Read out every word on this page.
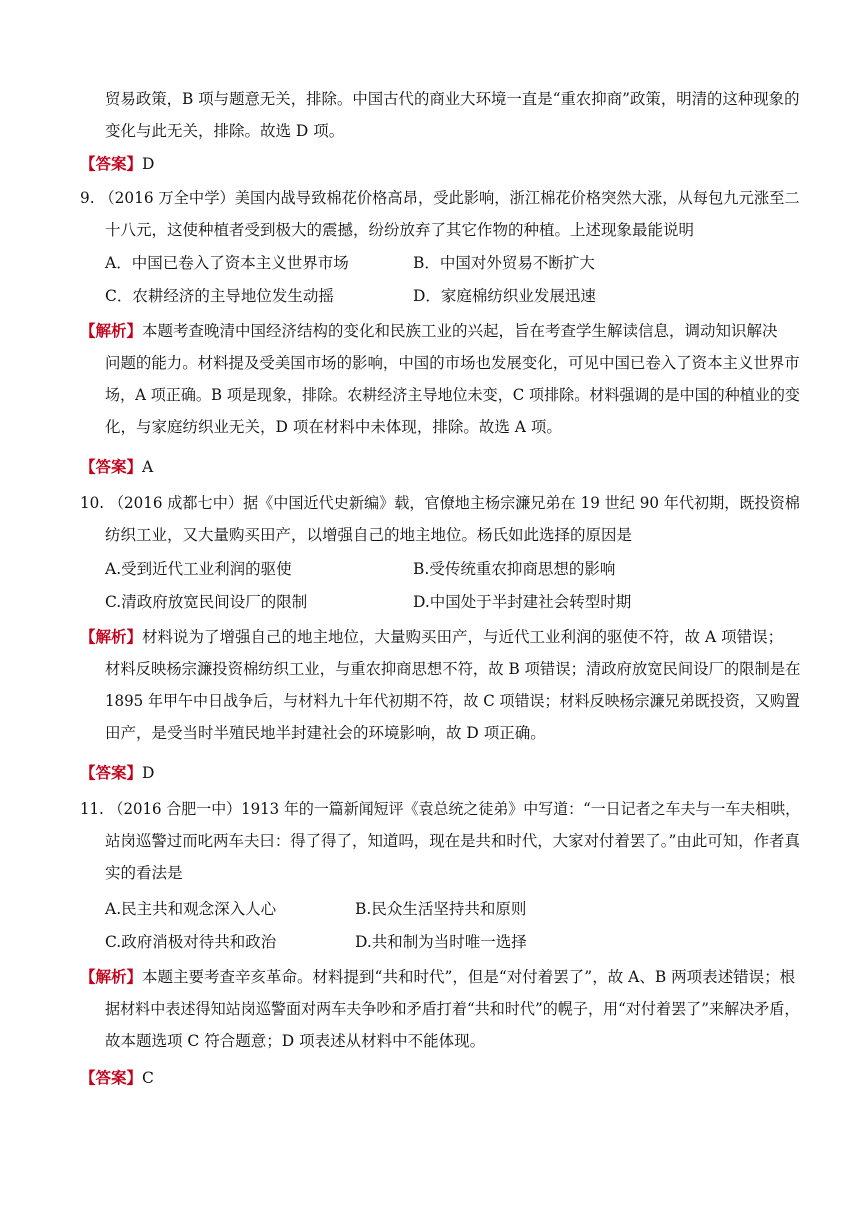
贸易政策，B 项与题意无关，排除。中国古代的商业大环境一直是“重农抑商”政策，明清的这种现象的
变化与此无关，排除。故选 D 项。
【答案】D
9. （2016 万全中学）美国内战导致棉花价格高昂，受此影响，浙江棉花价格突然大涨，从每包九元涨至二
十八元，这使种植者受到极大的震撼，纷纷放弃了其它作物的种植。上述现象最能说明
A．中国已卷入了资本主义世界市场	B．中国对外贸易不断扩大
C．农耕经济的主导地位发生动摇	D．家庭棉纺织业发展迅速
【解析】本题考查晚清中国经济结构的变化和民族工业的兴起，旨在考查学生解读信息，调动知识解决
问题的能力。材料提及受美国市场的影响，中国的市场也发展变化，可见中国已卷入了资本主义世界市
场，A 项正确。B 项是现象，排除。农耕经济主导地位未变，C 项排除。材料强调的是中国的种植业的变
化，与家庭纺织业无关，D 项在材料中未体现，排除。故选 A 项。
【答案】A
10. （2016 成都七中）据《中国近代史新编》载，官僚地主杨宗濂兄弟在 19 世纪 90 年代初期，既投资棉
纺织工业，又大量购买田产，以增强自己的地主地位。杨氏如此选择的原因是
A.受到近代工业利润的驱使	B.受传统重农抑商思想的影响
C.清政府放宽民间设厂的限制	D.中国处于半封建社会转型时期
【解析】材料说为了增强自己的地主地位，大量购买田产，与近代工业利润的驱使不符，故 A 项错误；
材料反映杨宗濂投资棉纺织工业，与重农抑商思想不符，故 B 项错误；清政府放宽民间设厂的限制是在
1895 年甲午中日战争后，与材料九十年代初期不符，故 C 项错误；材料反映杨宗濂兄弟既投资，又购置
田产，是受当时半殖民地半封建社会的环境影响，故 D 项正确。
【答案】D
11. （2016 合肥一中）1913 年的一篇新闻短评《袁总统之徒弟》中写道：“一日记者之车夫与一车夫相哄，
站岗巡警过而叱两车夫曰：得了得了，知道吗，现在是共和时代，大家对付着罢了。”由此可知，作者真
实的看法是
A.民主共和观念深入人心	B.民众生活坚持共和原则
C.政府消极对待共和政治	D.共和制为当时唯一选择
【解析】本题主要考查辛亥革命。材料提到“共和时代”，但是“对付着罢了”，故 A、B 两项表述错误；根
据材料中表述得知站岗巡警面对两车夫争吵和矛盾打着“共和时代”的幌子，用“对付着罢了”来解决矛盾，
故本题选项 C 符合题意；D 项表述从材料中不能体现。
【答案】C
